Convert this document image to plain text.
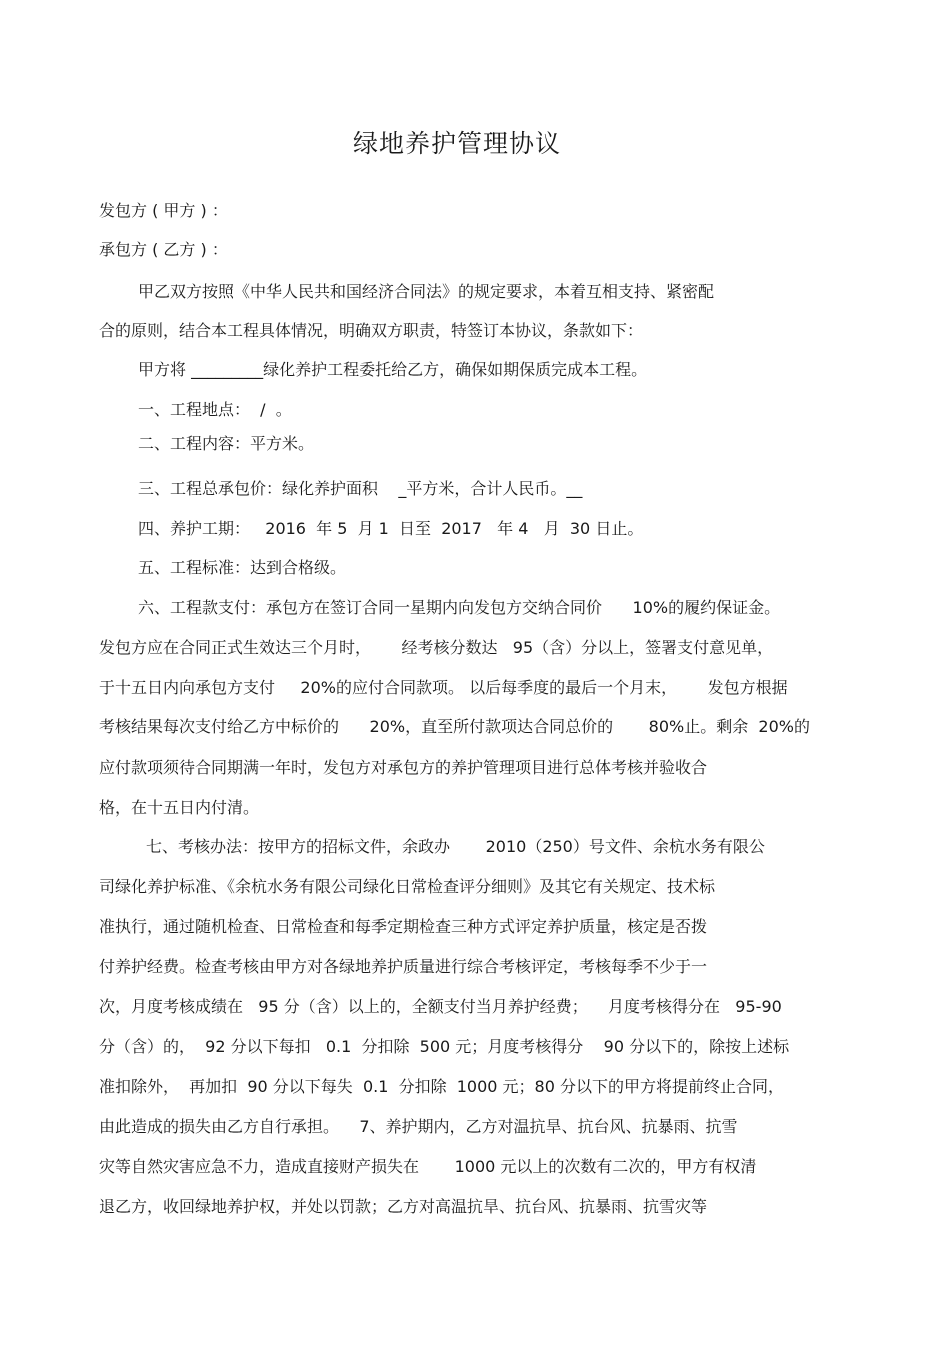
绿地养护管理协议
发包方 ( 甲方 ) ：
承包方 ( 乙方 ) ：
甲乙双方按照《中华人民共和国经济合同法》的规定要求，本着互相支持、紧密配
合的原则，结合本工程具体情况，明确双方职责，特签订本协议，条款如下：
甲方将 _________绿化养护工程委托给乙方，确保如期保质完成本工程。
一、工程地点：  /  。
二、工程内容：平方米。
三、工程总承包价：绿化养护面积    _平方米，合计人民币。__
四、养护工期：   2016  年 5  月 1  日至  2017   年 4   月  30 日止。
五、工程标准：达到合格级。
六、工程款支付：承包方在签订合同一星期内向发包方交纳合同价      10%的履约保证金。
发包方应在合同正式生效达三个月时，      经考核分数达   95（含）分以上，签署支付意见单，
于十五日内向承包方支付     20%的应付合同款项。 以后每季度的最后一个月末，      发包方根据
考核结果每次支付给乙方中标价的      20%，直至所付款项达合同总价的       80%止。剩余  20%的
应付款项须待合同期满一年时，发包方对承包方的养护管理项目进行总体考核并验收合
格，在十五日内付清。
七、考核办法：按甲方的招标文件，余政办       2010（250）号文件、余杭水务有限公
司绿化养护标准、《余杭水务有限公司绿化日常检查评分细则》及其它有关规定、技术标
准执行，通过随机检查、日常检查和每季定期检查三种方式评定养护质量，核定是否拨
付养护经费。检查考核由甲方对各绿地养护质量进行综合考核评定，考核每季不少于一
次，月度考核成绩在   95 分（含）以上的，全额支付当月养护经费；    月度考核得分在   95-90
分（含）的，  92 分以下每扣   0.1  分扣除  500 元；月度考核得分    90 分以下的，除按上述标
准扣除外，  再加扣  90 分以下每失  0.1  分扣除  1000 元；80 分以下的甲方将提前终止合同，
由此造成的损失由乙方自行承担。    7、养护期内，乙方对温抗旱、抗台风、抗暴雨、抗雪
灾等自然灾害应急不力，造成直接财产损失在       1000 元以上的次数有二次的，甲方有权清
退乙方，收回绿地养护权，并处以罚款；乙方对高温抗旱、抗台风、抗暴雨、抗雪灾等
